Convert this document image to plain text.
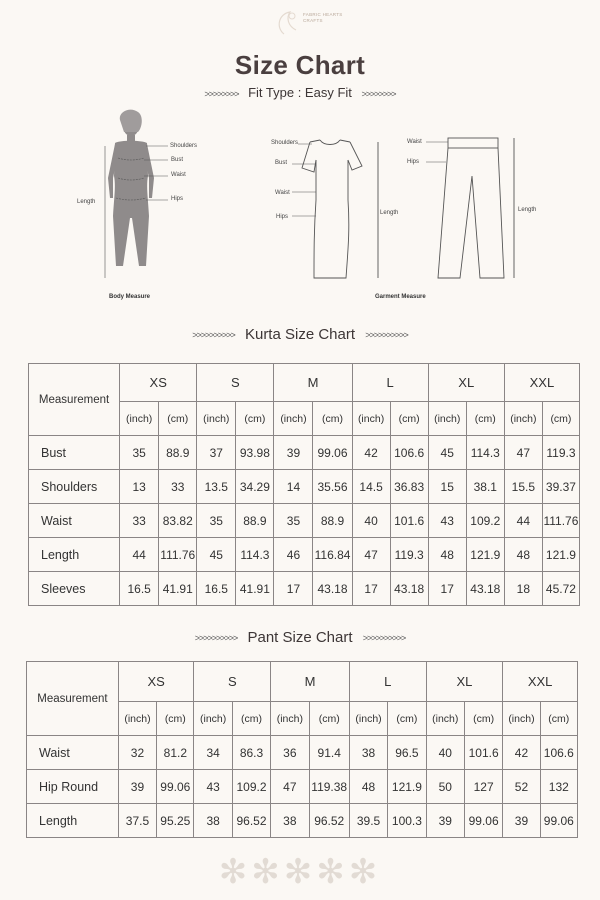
FABRIC HEARTS CRAFTS
Size Chart
>>>>>>>> Fit Type : Easy Fit >>>>>>>>
Shoulders
Bust
Waist
Hips
Length
Body Measure
Shoulders
Bust
Waist
Hips
Length
Waist
Hips
Length
Garment Measure
>>>>>>>>>> Kurta Size Chart >>>>>>>>>>
Measurement	XS		S		M		L		XL		XXL	
	(inch)	(cm)	(inch)	(cm)	(inch)	(cm)	(inch)	(cm)	(inch)	(cm)	(inch)	(cm)
Bust	35	88.9	37	93.98	39	99.06	42	106.6	45	114.3	47	119.3
Shoulders	13	33	13.5	34.29	14	35.56	14.5	36.83	15	38.1	15.5	39.37
Waist	33	83.82	35	88.9	35	88.9	40	101.6	43	109.2	44	111.76
Length	44	111.76	45	114.3	46	116.84	47	119.3	48	121.9	48	121.9
Sleeves	16.5	41.91	16.5	41.91	17	43.18	17	43.18	17	43.18	18	45.72
>>>>>>>>>> Pant Size Chart >>>>>>>>>>
Measurement	XS		S		M		L		XL		XXL	
	(inch)	(cm)	(inch)	(cm)	(inch)	(cm)	(inch)	(cm)	(inch)	(cm)	(inch)	(cm)
Waist	32	81.2	34	86.3	36	91.4	38	96.5	40	101.6	42	106.6
Hip Round	39	99.06	43	109.2	47	119.38	48	121.9	50	127	52	132
Length	37.5	95.25	38	96.52	38	96.52	39.5	100.3	39	99.06	39	99.06
✻✻✻✻✻
